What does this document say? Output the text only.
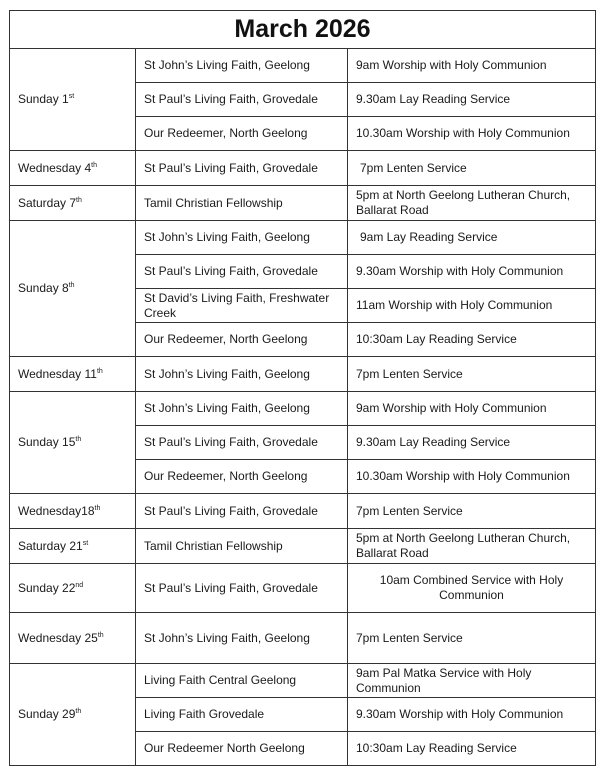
March 2026		
Sunday 1st	St John’s Living Faith, Geelong	9am Worship with Holy Communion
	St Paul’s Living Faith, Grovedale	9.30am Lay Reading Service
	Our Redeemer, North Geelong	10.30am Worship with Holy Communion
Wednesday 4th	St Paul’s Living Faith, Grovedale	7pm Lenten Service
Saturday 7th	Tamil Christian Fellowship	5pm at North Geelong Lutheran Church, Ballarat Road
Sunday 8th	St John’s Living Faith, Geelong	9am Lay Reading Service
	St Paul’s Living Faith, Grovedale	9.30am Worship with Holy Communion
	St David’s Living Faith, Freshwater Creek	11am Worship with Holy Communion
	Our Redeemer, North Geelong	10:30am Lay Reading Service
Wednesday 11th	St John’s Living Faith, Geelong	7pm Lenten Service
Sunday 15th	St John’s Living Faith, Geelong	9am Worship with Holy Communion
	St Paul’s Living Faith, Grovedale	9.30am Lay Reading Service
	Our Redeemer, North Geelong	10.30am Worship with Holy Communion
Wednesday18th	St Paul’s Living Faith, Grovedale	7pm Lenten Service
Saturday 21st	Tamil Christian Fellowship	5pm at North Geelong Lutheran Church, Ballarat Road
Sunday 22nd	St Paul’s Living Faith, Grovedale	10am Combined Service with Holy Communion
Wednesday 25th	St John’s Living Faith, Geelong	7pm Lenten Service
Sunday 29th	Living Faith Central Geelong	9am Pal Matka Service with Holy Communion
	Living Faith Grovedale	9.30am Worship with Holy Communion
	Our Redeemer North Geelong	10:30am Lay Reading Service
